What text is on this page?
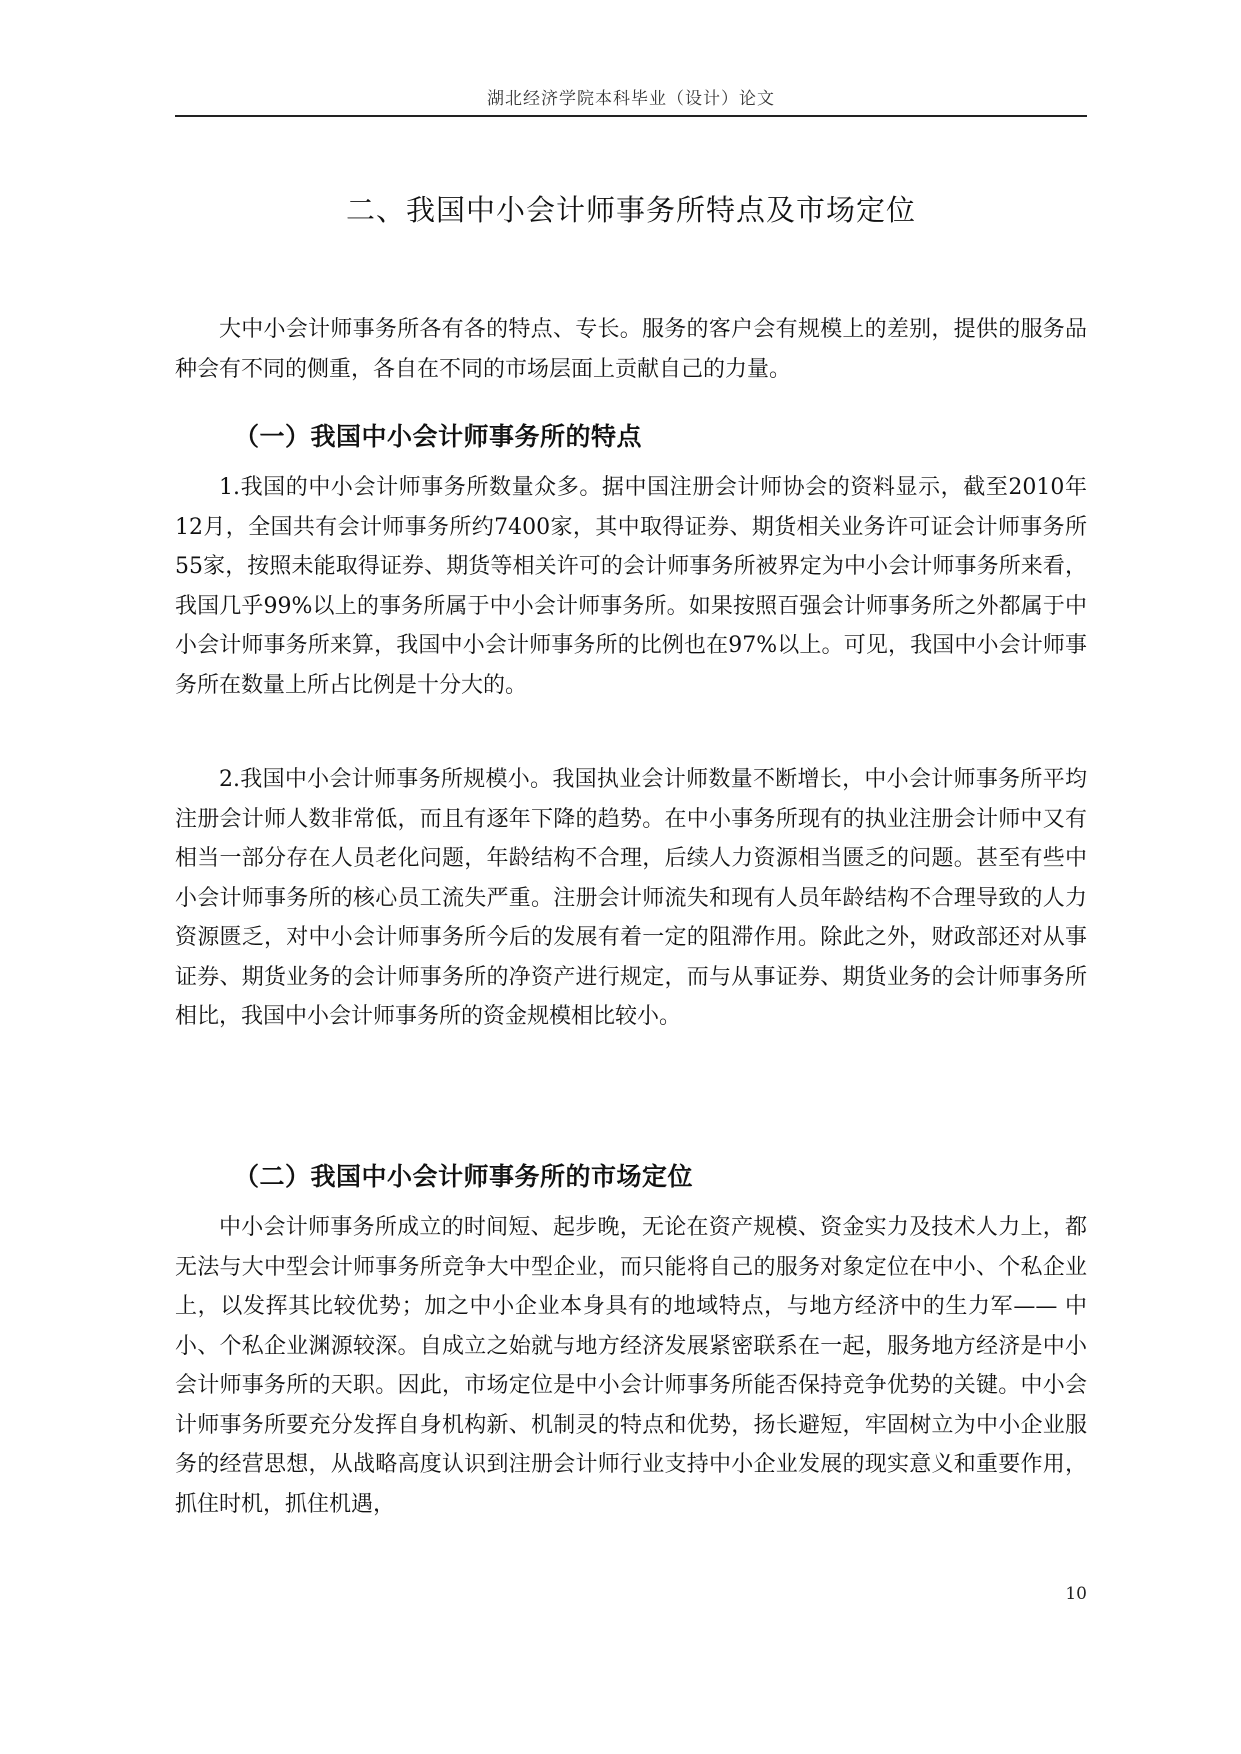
湖北经济学院本科毕业（设计）论文
二、我国中小会计师事务所特点及市场定位

大中小会计师事务所各有各的特点、专长。服务的客户会有规模上的差别，提供的服务品种会有不同的侧重，各自在不同的市场层面上贡献自己的力量。

（一）我国中小会计师事务所的特点

1.我国的中小会计师事务所数量众多。据中国注册会计师协会的资料显示，截至2010年12月，全国共有会计师事务所约7400家，其中取得证券、期货相关业务许可证会计师事务所55家，按照未能取得证券、期货等相关许可的会计师事务所被界定为中小会计师事务所来看，我国几乎99%以上的事务所属于中小会计师事务所。如果按照百强会计师事务所之外都属于中小会计师事务所来算，我国中小会计师事务所的比例也在97%以上。可见，我国中小会计师事务所在数量上所占比例是十分大的。

2.我国中小会计师事务所规模小。我国执业会计师数量不断增长，中小会计师事务所平均注册会计师人数非常低，而且有逐年下降的趋势。在中小事务所现有的执业注册会计师中又有相当一部分存在人员老化问题，年龄结构不合理，后续人力资源相当匮乏的问题。甚至有些中小会计师事务所的核心员工流失严重。注册会计师流失和现有人员年龄结构不合理导致的人力资源匮乏，对中小会计师事务所今后的发展有着一定的阻滞作用。除此之外，财政部还对从事证券、期货业务的会计师事务所的净资产进行规定，而与从事证券、期货业务的会计师事务所相比，我国中小会计师事务所的资金规模相比较小。

（二）我国中小会计师事务所的市场定位

中小会计师事务所成立的时间短、起步晚，无论在资产规模、资金实力及技术人力上，都无法与大中型会计师事务所竞争大中型企业，而只能将自己的服务对象定位在中小、个私企业上，以发挥其比较优势；加之中小企业本身具有的地域特点，与地方经济中的生力军—— 中小、个私企业渊源较深。自成立之始就与地方经济发展紧密联系在一起，服务地方经济是中小会计师事务所的天职。因此，市场定位是中小会计师事务所能否保持竞争优势的关键。中小会计师事务所要充分发挥自身机构新、机制灵的特点和优势，扬长避短，牢固树立为中小企业服务的经营思想，从战略高度认识到注册会计师行业支持中小企业发展的现实意义和重要作用，抓住时机，抓住机遇，

10
